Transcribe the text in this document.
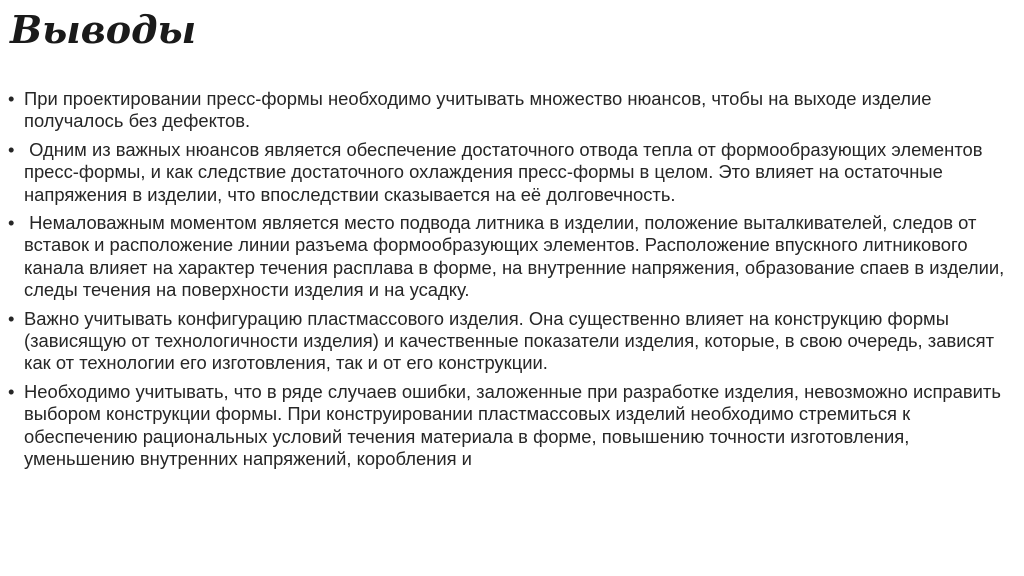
Выводы
• При проектировании пресс-формы необходимо учитывать множество нюансов, чтобы на выходе изделие получалось без дефектов.
• Одним из важных нюансов является обеспечение достаточного отвода тепла от формообразующих элементов пресс-формы, и как следствие достаточного охлаждения пресс-формы в целом. Это влияет на остаточные напряжения в изделии, что впоследствии сказывается на её долговечность.
• Немаловажным моментом является место подвода литника в изделии, положение выталкивателей, следов от вставок и расположение линии разъема формообразующих элементов. Расположение впускного литникового канала влияет на характер течения расплава в форме, на внутренние напряжения, образование спаев в изделии, следы течения на поверхности изделия и на усадку.
• Важно учитывать конфигурацию пластмассового изделия. Она существенно влияет на конструкцию формы (зависящую от технологичности изделия) и качественные показатели изделия, которые, в свою очередь, зависят как от технологии его изготовления, так и от его конструкции.
• Необходимо учитывать, что в ряде случаев ошибки, заложенные при разработке изделия, невозможно исправить выбором конструкции формы. При конструировании пластмассовых изделий необходимо стремиться к обеспечению рациональных условий течения материала в форме, повышению точности изготовления, уменьшению внутренних напряжений, коробления и
